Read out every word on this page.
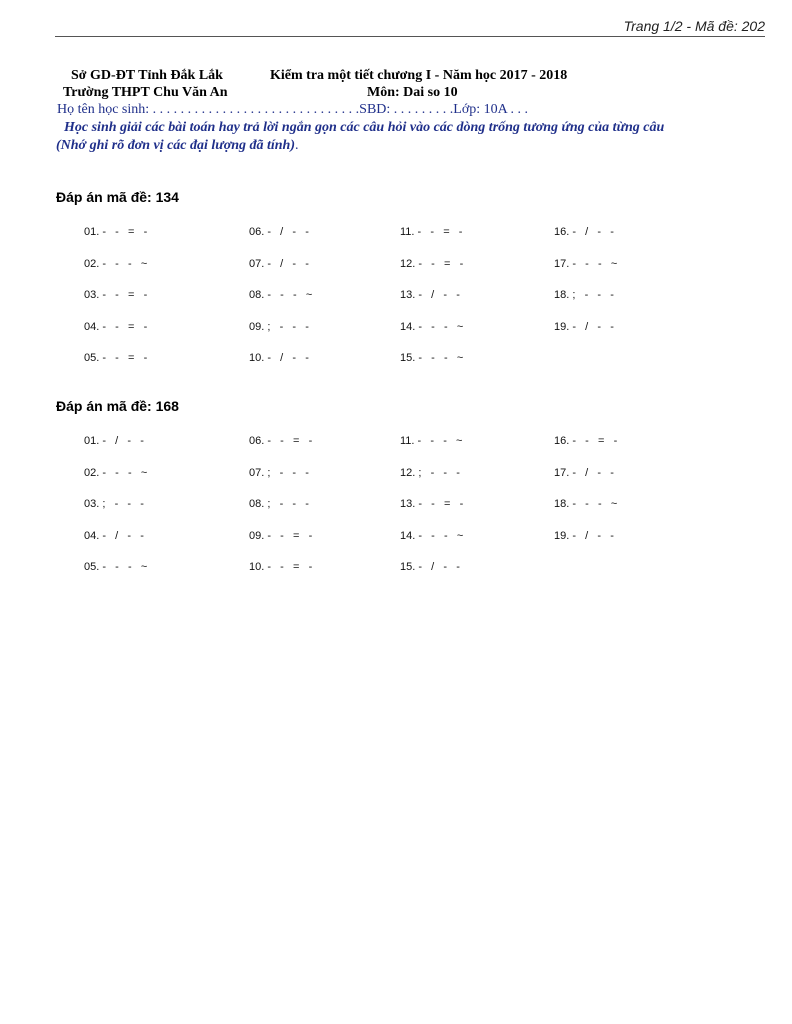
Trang 1/2 - Mã đề: 202
Sở GD-ĐT Tỉnh Đắk Lắk	Kiểm tra một tiết chương I - Năm học 2017 - 2018
Trường THPT Chu Văn An	Môn: Dai so 10
Họ tên học sinh: . . . . . . . . . . . . . . . . . . . . . . . . . . . . . .SBD: . . . . . . . . .Lớp: 10A . . .
Học sinh giải các bài toán hay trả lời ngắn gọn các câu hỏi vào các dòng trống tương ứng của từng câu
(Nhớ ghi rõ đơn vị các đại lượng đã tính).
Đáp án mã đề: 134
01. -   -   =   -
02. -   -   -   ~
03. -   -   =   -
04. -   -   =   -
05. -   -   =   -
06. -   /   -   -
07. -   /   -   -
08. -   -   -   ~
09. ;   -   -   -
10. -   /   -   -
11. -   -   =   -
12. -   -   =   -
13. -   /   -   -
14. -   -   -   ~
15. -   -   -   ~
16. -   /   -   -
17. -   -   -   ~
18. ;   -   -   -
19. -   /   -   -
Đáp án mã đề: 168
01. -   /   -   -
02. -   -   -   ~
03. ;   -   -   -
04. -   /   -   -
05. -   -   -   ~
06. -   -   =   -
07. ;   -   -   -
08. ;   -   -   -
09. -   -   =   -
10. -   -   =   -
11. -   -   -   ~
12. ;   -   -   -
13. -   -   =   -
14. -   -   -   ~
15. -   /   -   -
16. -   -   =   -
17. -   /   -   -
18. -   -   -   ~
19. -   /   -   -
